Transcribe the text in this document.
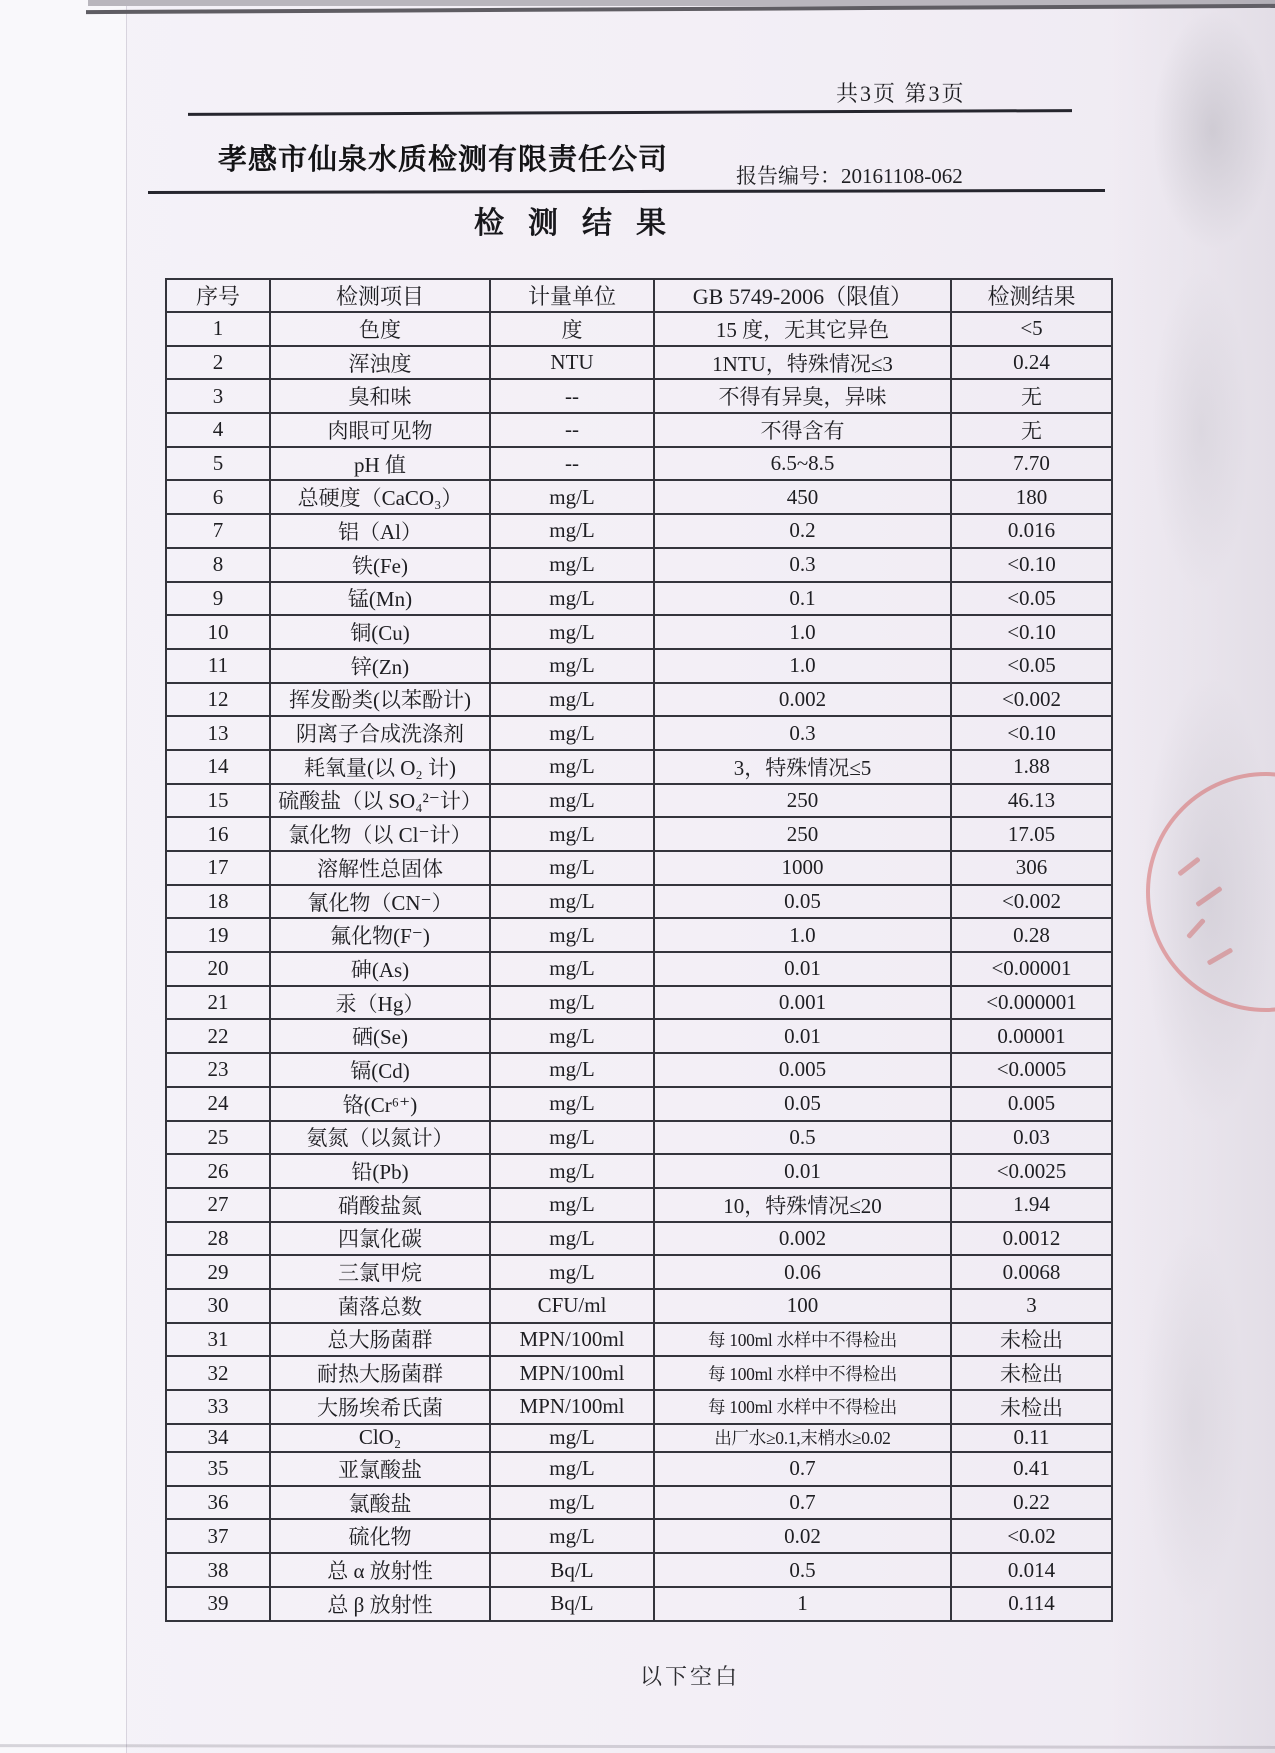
共3页 第3页
孝感市仙泉水质检测有限责任公司	报告编号：20161108-062
检测结果
序号	检测项目	计量单位	GB 5749-2006（限值）	检测结果
1	色度	度	15 度，无其它异色	<5
2	浑浊度	NTU	1NTU，特殊情况≤3	0.24
3	臭和味	--	不得有异臭，异味	无
4	肉眼可见物	--	不得含有	无
5	pH 值	--	6.5~8.5	7.70
6	总硬度（CaCO₃）	mg/L	450	180
7	铝（Al）	mg/L	0.2	0.016
8	铁(Fe)	mg/L	0.3	<0.10
9	锰(Mn)	mg/L	0.1	<0.05
10	铜(Cu)	mg/L	1.0	<0.10
11	锌(Zn)	mg/L	1.0	<0.05
12	挥发酚类(以苯酚计)	mg/L	0.002	<0.002
13	阴离子合成洗涤剂	mg/L	0.3	<0.10
14	耗氧量(以 O₂ 计)	mg/L	3，特殊情况≤5	1.88
15	硫酸盐（以 SO₄²⁻计）	mg/L	250	46.13
16	氯化物（以 Cl⁻计）	mg/L	250	17.05
17	溶解性总固体	mg/L	1000	306
18	氰化物（CN⁻）	mg/L	0.05	<0.002
19	氟化物(F⁻)	mg/L	1.0	0.28
20	砷(As)	mg/L	0.01	<0.00001
21	汞（Hg）	mg/L	0.001	<0.000001
22	硒(Se)	mg/L	0.01	0.00001
23	镉(Cd)	mg/L	0.005	<0.0005
24	铬(Cr⁶⁺)	mg/L	0.05	0.005
25	氨氮（以氮计）	mg/L	0.5	0.03
26	铅(Pb)	mg/L	0.01	<0.0025
27	硝酸盐氮	mg/L	10，特殊情况≤20	1.94
28	四氯化碳	mg/L	0.002	0.0012
29	三氯甲烷	mg/L	0.06	0.0068
30	菌落总数	CFU/ml	100	3
31	总大肠菌群	MPN/100ml	每 100ml 水样中不得检出	未检出
32	耐热大肠菌群	MPN/100ml	每 100ml 水样中不得检出	未检出
33	大肠埃希氏菌	MPN/100ml	每 100ml 水样中不得检出	未检出
34	ClO₂	mg/L	出厂水≥0.1,末梢水≥0.02	0.11
35	亚氯酸盐	mg/L	0.7	0.41
36	氯酸盐	mg/L	0.7	0.22
37	硫化物	mg/L	0.02	<0.02
38	总 α 放射性	Bq/L	0.5	0.014
39	总 β 放射性	Bq/L	1	0.114
以下空白
